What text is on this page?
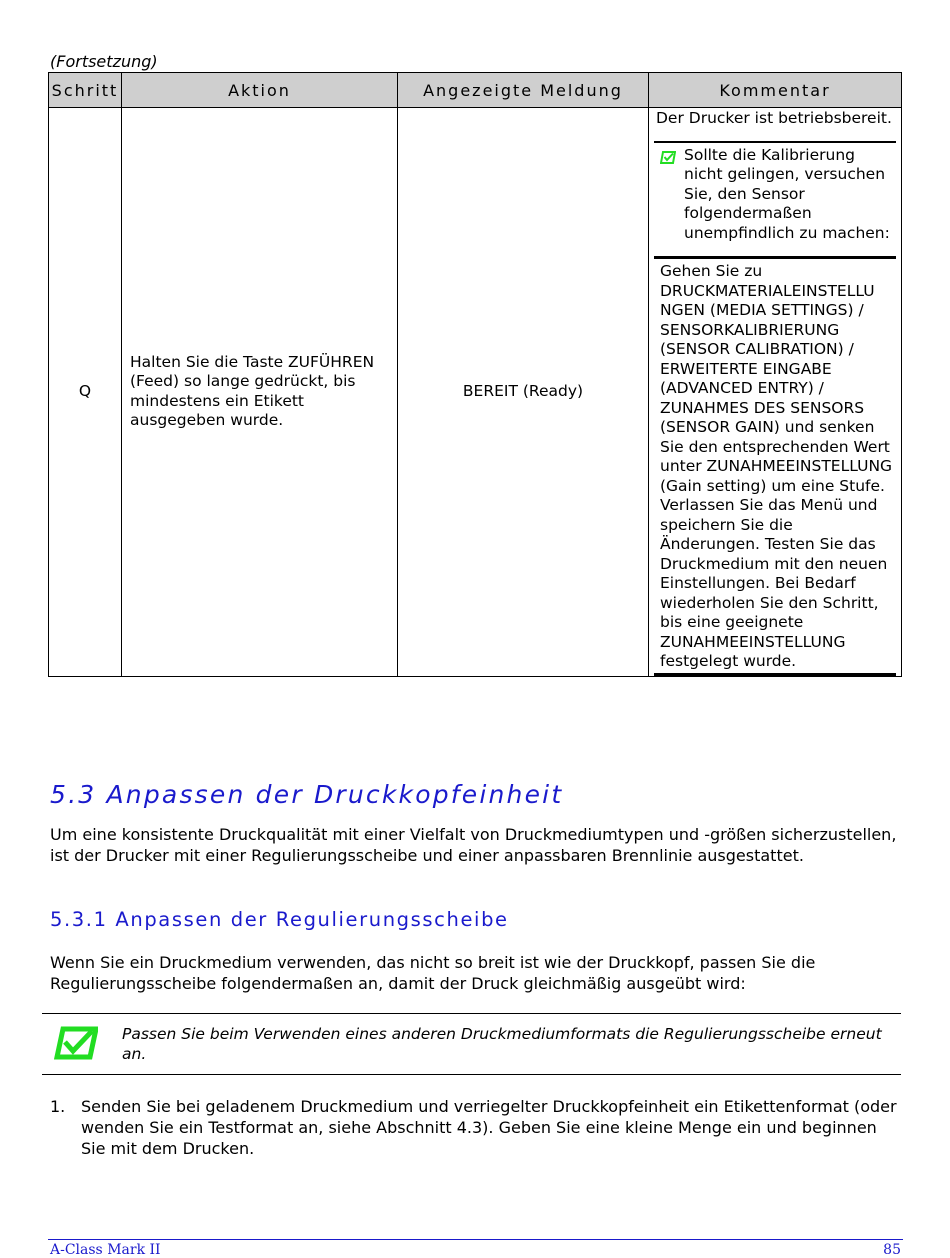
(Fortsetzung)
Schritt	Aktion	Angezeigte Meldung	Kommentar
Q	Halten Sie die Taste ZUFÜHREN (Feed) so lange gedrückt, bis mindestens ein Etikett ausgegeben wurde.	BEREIT (Ready)	Der Drucker ist betriebsbereit.
Sollte die Kalibrierung nicht gelingen, versuchen Sie, den Sensor folgendermaßen unempfindlich zu machen:
Gehen Sie zu DRUCKMATERIALEINSTELLU NGEN (MEDIA SETTINGS) / SENSORKALIBRIERUNG (SENSOR CALIBRATION) / ERWEITERTE EINGABE (ADVANCED ENTRY) / ZUNAHMES DES SENSORS (SENSOR GAIN) und senken Sie den entsprechenden Wert unter ZUNAHMEEINSTELLUNG (Gain setting) um eine Stufe. Verlassen Sie das Menü und speichern Sie die Änderungen. Testen Sie das Druckmedium mit den neuen Einstellungen. Bei Bedarf wiederholen Sie den Schritt, bis eine geeignete ZUNAHMEEINSTELLUNG festgelegt wurde.
5.3 Anpassen der Druckkopfeinheit

Um eine konsistente Druckqualität mit einer Vielfalt von Druckmediumtypen und -größen sicherzustellen, ist der Drucker mit einer Regulierungsscheibe und einer anpassbaren Brennlinie ausgestattet.

5.3.1 Anpassen der Regulierungsscheibe

Wenn Sie ein Druckmedium verwenden, das nicht so breit ist wie der Druckkopf, passen Sie die Regulierungsscheibe folgendermaßen an, damit der Druck gleichmäßig ausgeübt wird:

Passen Sie beim Verwenden eines anderen Druckmediumformats die Regulierungsscheibe erneut an.
1. Senden Sie bei geladenem Druckmedium und verriegelter Druckkopfeinheit ein Etikettenformat (oder wenden Sie ein Testformat an, siehe Abschnitt 4.3). Geben Sie eine kleine Menge ein und beginnen Sie mit dem Drucken.
A-Class Mark II	85
